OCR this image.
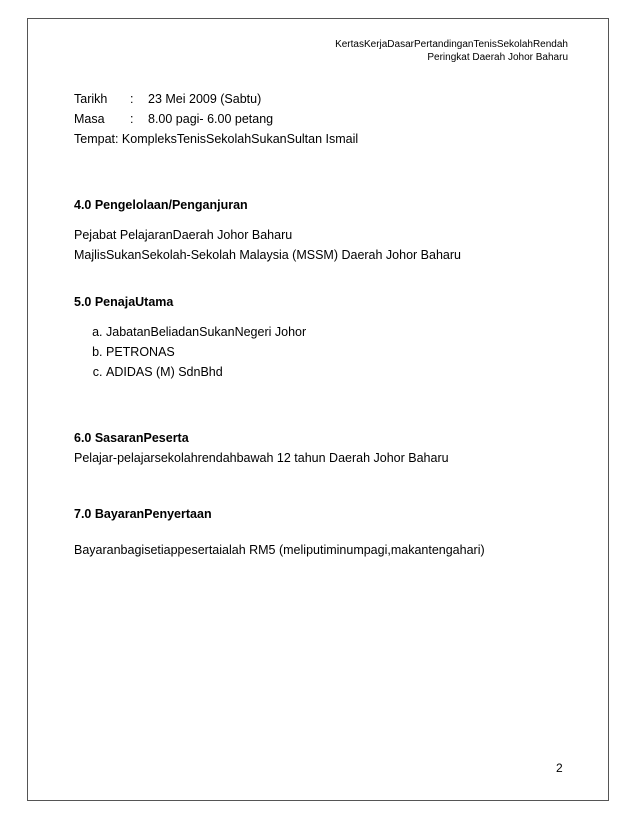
KertasKerjaDasarPertandinganTenisSekolahRendah
Peringkat Daerah Johor Baharu
Tarikh : 23 Mei 2009 (Sabtu)
Masa : 8.00 pagi- 6.00 petang
Tempat: KompleksTenisSekolahSukanSultan Ismail
4.0 Pengelolaan/Penganjuran
Pejabat PelajaranDaerah Johor Baharu
MajlisSukanSekolah-Sekolah Malaysia (MSSM) Daerah Johor Baharu
5.0 PenajaUtama
a. JabatanBeliadanSukanNegeri Johor
b. PETRONAS
c. ADIDAS (M) SdnBhd
6.0 SasaranPeserta
Pelajar-pelajarsekolahrendahbawah 12 tahun Daerah Johor Baharu
7.0 BayaranPenyertaan
Bayaranbagisetiappesertaialah RM5 (meliputiminumpagi,makantengahari)
2
